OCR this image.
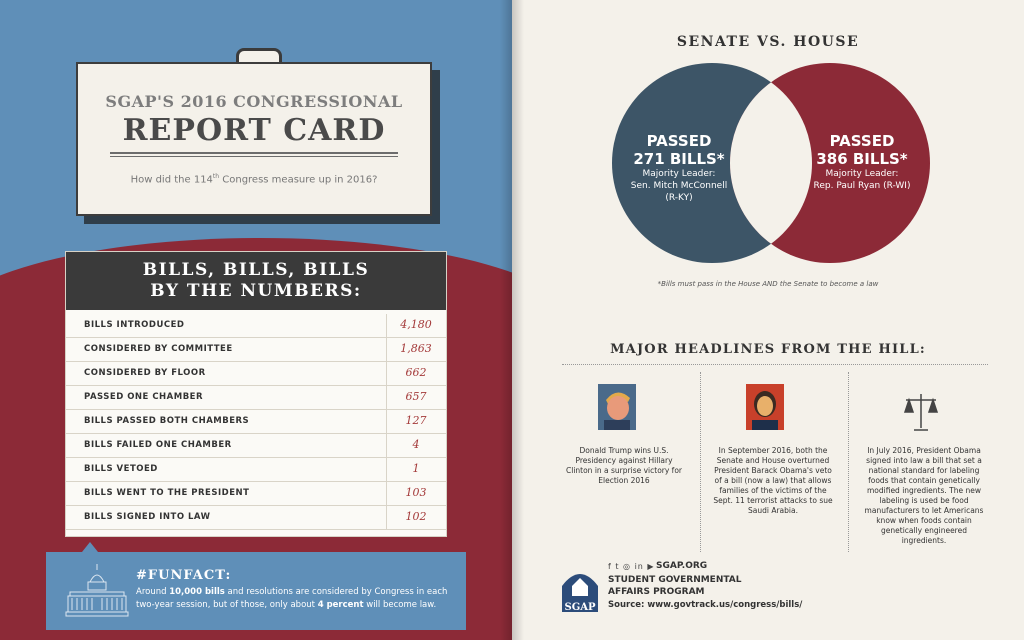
SGAP'S 2016 CONGRESSIONAL
REPORT CARD
How did the 114th Congress measure up in 2016?
BILLS, BILLS, BILLS
BY THE NUMBERS:
BILLS INTRODUCED	4,180
CONSIDERED BY COMMITTEE	1,863
CONSIDERED BY FLOOR	662
PASSED ONE CHAMBER	657
BILLS PASSED BOTH CHAMBERS	127
BILLS FAILED ONE CHAMBER	4
BILLS VETOED	1
BILLS WENT TO THE PRESIDENT	103
BILLS SIGNED INTO LAW	102
#FUNFACT:
Around 10,000 bills and resolutions are considered by Congress in each two-year session, but of those, only about 4 percent will become law.
SENATE VS. HOUSE
PASSED
271 BILLS*
Majority Leader:
Sen. Mitch McConnell
(R-KY)
PASSED
386 BILLS*
Majority Leader:
Rep. Paul Ryan (R-WI)
*Bills must pass in the House AND the Senate to become a law
MAJOR HEADLINES FROM THE HILL:
Donald Trump wins U.S. Presidency against Hillary Clinton in a surprise victory for Election 2016
In September 2016, both the Senate and House overturned President Barack Obama's veto of a bill (now a law) that allows families of the victims of the Sept. 11 terrorist attacks to sue Saudi Arabia.
In July 2016, President Obama signed into law a bill that set a national standard for labeling foods that contain genetically modified ingredients. The new labeling is used be food manufacturers to let Americans know when foods contain genetically engineered ingredients.
SGAP
f t ◎ in ▶ SGAP.ORG
STUDENT GOVERNMENTAL
AFFAIRS PROGRAM
Source: www.govtrack.us/congress/bills/
